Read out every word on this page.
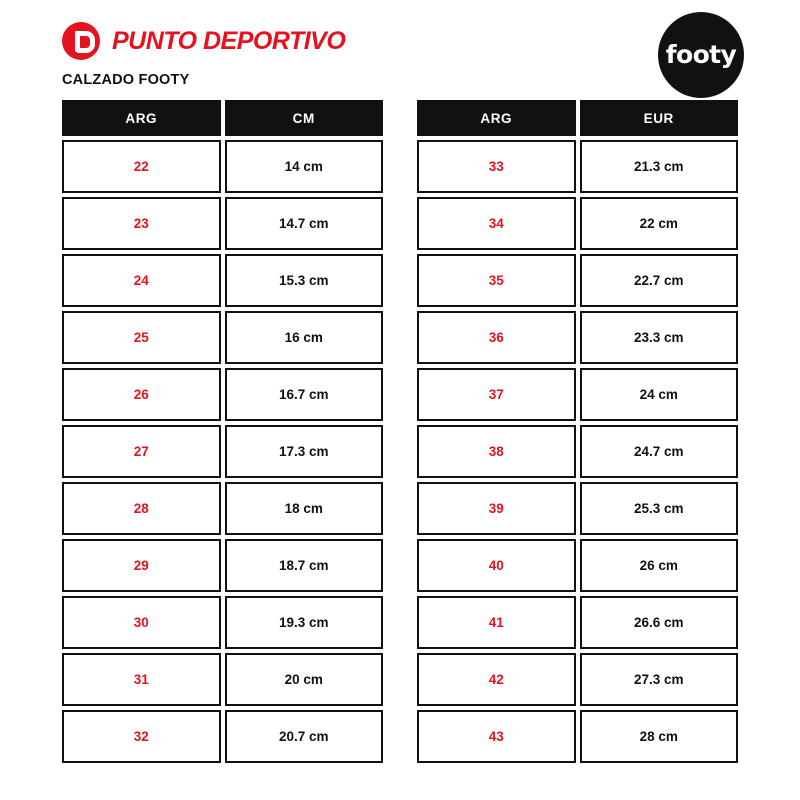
PUNTO DEPORTIVO
CALZADO FOOTY
footy
ARG	CM
22	14 cm
23	14.7 cm
24	15.3 cm
25	16 cm
26	16.7 cm
27	17.3 cm
28	18 cm
29	18.7 cm
30	19.3 cm
31	20 cm
32	20.7 cm
ARG	EUR
33	21.3 cm
34	22 cm
35	22.7 cm
36	23.3 cm
37	24 cm
38	24.7 cm
39	25.3 cm
40	26 cm
41	26.6 cm
42	27.3 cm
43	28 cm
